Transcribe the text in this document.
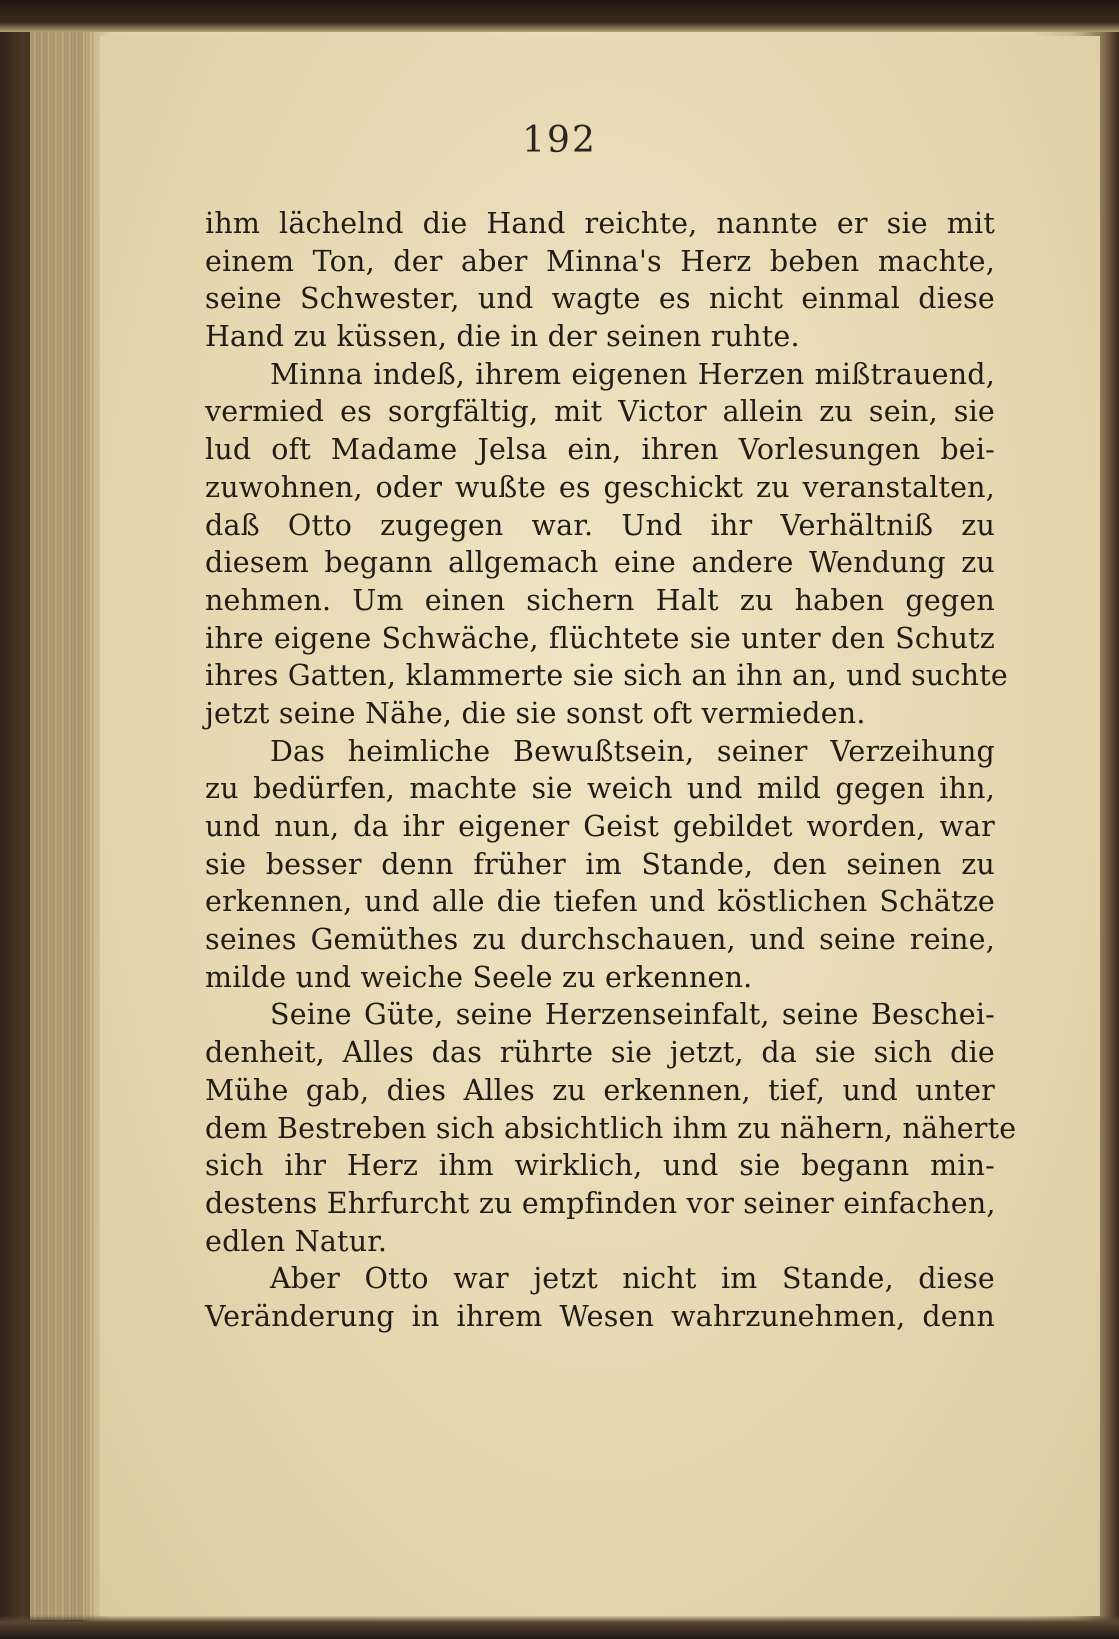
192
ihm lächelnd die Hand reichte, nannte er sie mit
einem Ton, der aber Minna's Herz beben machte,
seine Schwester, und wagte es nicht einmal diese
Hand zu küssen, die in der seinen ruhte.
Minna indeß, ihrem eigenen Herzen mißtrauend,
vermied es sorgfältig, mit Victor allein zu sein, sie
lud oft Madame Jelsa ein, ihren Vorlesungen bei-
zuwohnen, oder wußte es geschickt zu veranstalten,
daß Otto zugegen war. Und ihr Verhältniß zu
diesem begann allgemach eine andere Wendung zu
nehmen. Um einen sichern Halt zu haben gegen
ihre eigene Schwäche, flüchtete sie unter den Schutz
ihres Gatten, klammerte sie sich an ihn an, und suchte
jetzt seine Nähe, die sie sonst oft vermieden.
Das heimliche Bewußtsein, seiner Verzeihung
zu bedürfen, machte sie weich und mild gegen ihn,
und nun, da ihr eigener Geist gebildet worden, war
sie besser denn früher im Stande, den seinen zu
erkennen, und alle die tiefen und köstlichen Schätze
seines Gemüthes zu durchschauen, und seine reine,
milde und weiche Seele zu erkennen.
Seine Güte, seine Herzenseinfalt, seine Beschei-
denheit, Alles das rührte sie jetzt, da sie sich die
Mühe gab, dies Alles zu erkennen, tief, und unter
dem Bestreben sich absichtlich ihm zu nähern, näherte
sich ihr Herz ihm wirklich, und sie begann min-
destens Ehrfurcht zu empfinden vor seiner einfachen,
edlen Natur.
Aber Otto war jetzt nicht im Stande, diese
Veränderung in ihrem Wesen wahrzunehmen, denn
